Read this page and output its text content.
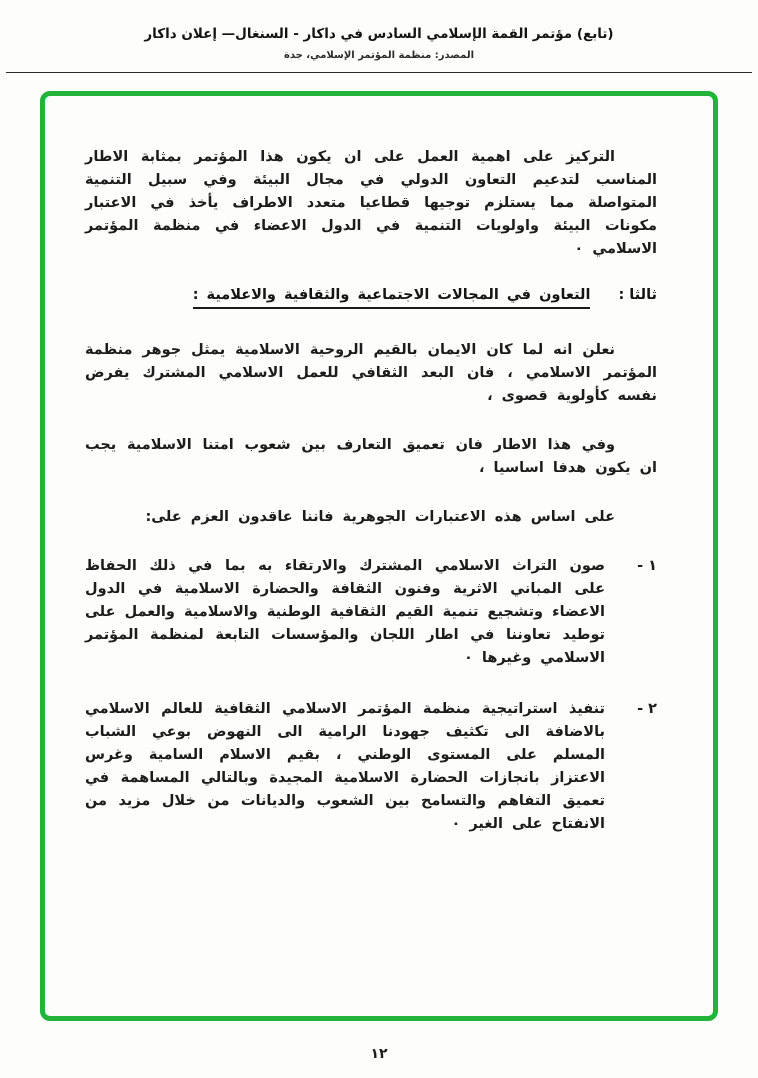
(تابع) مؤتمر القمة الإسلامي السادس في داكار - السنغال— إعلان داكار
المصدر: منظمة المؤتمر الإسلامي، جدة

التركيز على اهمية العمل على ان يكون هذا المؤتمر بمثابة الاطار المناسب لتدعيم التعاون الدولي في مجال البيئة وفي سبيل التنمية المتواصلة مما يستلزم توجيها قطاعيا متعدد الاطراف يأخذ في الاعتبار مكونات البيئة واولويات التنمية في الدول الاعضاء في منظمة المؤتمر الاسلامي ٠

ثالثا :
التعاون في المجالات الاجتماعية والثقافية والاعلامية :

نعلن انه لما كان الايمان بالقيم الروحية الاسلامية يمثل جوهر منظمة المؤتمر الاسلامي ، فان البعد الثقافي للعمل الاسلامي المشترك يفرض نفسه كأولوية قصوى ،

وفي هذا الاطار فان تعميق التعارف بين شعوب امتنا الاسلامية يجب ان يكون هدفا اساسيا ،

على اساس هذه الاعتبارات الجوهرية فاننا عاقدون العزم على:

١ -
صون التراث الاسلامي المشترك والارتقاء به بما في ذلك الحفاظ على المباني الاثرية وفنون الثقافة والحضارة الاسلامية في الدول الاعضاء وتشجيع تنمية القيم الثقافية الوطنية والاسلامية والعمل على توطيد تعاوننا في اطار اللجان والمؤسسات التابعة لمنظمة المؤتمر الاسلامي وغيرها ٠
٢ -
تنفيذ استراتيجية منظمة المؤتمر الاسلامي الثقافية للعالم الاسلامي بالاضافة الى تكثيف جهودنا الرامية الى النهوض بوعي الشباب المسلم على المستوى الوطني ، بقيم الاسلام السامية وغرس الاعتزاز بانجازات الحضارة الاسلامية المجيدة وبالتالي المساهمة في تعميق التفاهم والتسامح بين الشعوب والديانات من خلال مزيد من الانفتاح على الغير ٠
١٢
